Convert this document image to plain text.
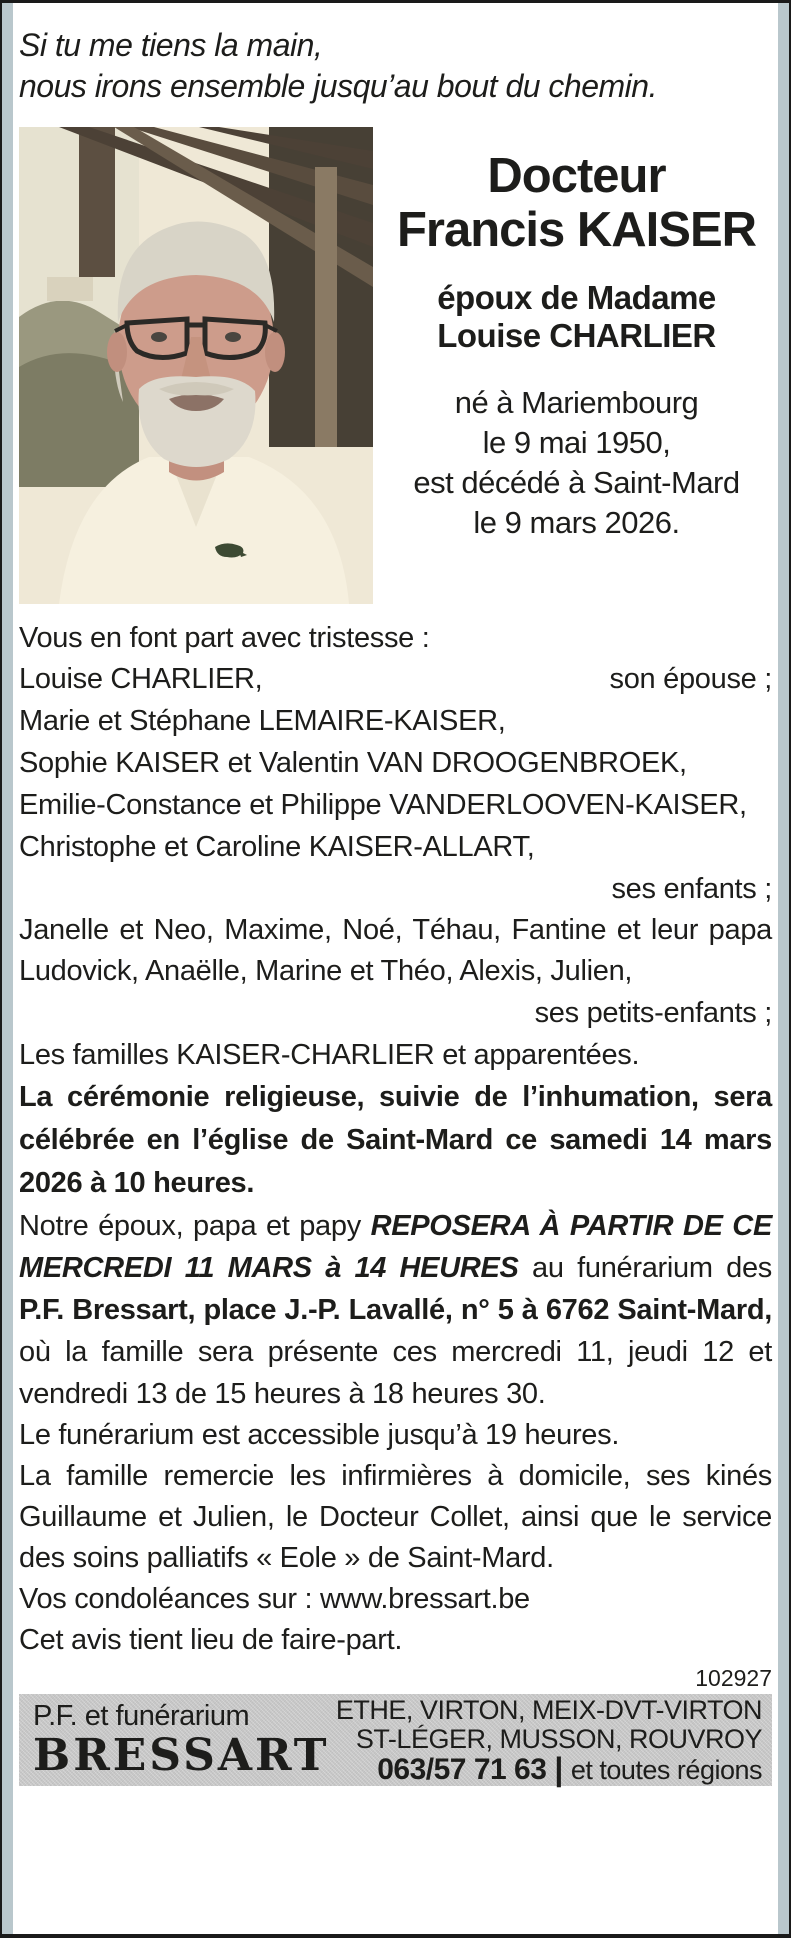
Si tu me tiens la main,
nous irons ensemble jusqu’au bout du chemin.
Docteur
Francis KAISER
époux de Madame
Louise CHARLIER
né à Mariembourg
le 9 mai 1950,
est décédé à Saint-Mard
le 9 mars 2026.

Vous en font part avec tristesse :

Louise CHARLIER,	son épouse ;

Marie et Stéphane LEMAIRE-KAISER,

Sophie KAISER et Valentin VAN DROOGENBROEK,

Emilie-Constance et Philippe VANDERLOOVEN-KAISER,

Christophe et Caroline KAISER-ALLART,

ses enfants ;

Janelle et Neo, Maxime, Noé, Téhau, Fantine et leur papa Ludovick, Anaëlle, Marine et Théo, Alexis, Julien,

ses petits-enfants ;

Les familles KAISER-CHARLIER et apparentées.

La cérémonie religieuse, suivie de l’inhumation, sera célébrée en l’église de Saint-Mard ce samedi 14 mars 2026 à 10 heures.

Notre époux, papa et papy REPOSERA À PARTIR DE CE MERCREDI 11 MARS à 14 HEURES au funérarium des P.F. Bressart, place J.-P. Lavallé, n° 5 à 6762 Saint-Mard, où la famille sera présente ces mercredi 11, jeudi 12 et vendredi 13 de 15 heures à 18 heures 30.

Le funérarium est accessible jusqu’à 19 heures.

La famille remercie les infirmières à domicile, ses kinés Guillaume et Julien, le Docteur Collet, ainsi que le service des soins palliatifs « Eole » de Saint-Mard.

Vos condoléances sur : www.bressart.be

Cet avis tient lieu de faire-part.

102927
P.F. et funérarium
BRESSART
ETHE, VIRTON, MEIX-DVT-VIRTON
ST-LÉGER, MUSSON, ROUVROY
063/57 71 63 | et toutes régions
